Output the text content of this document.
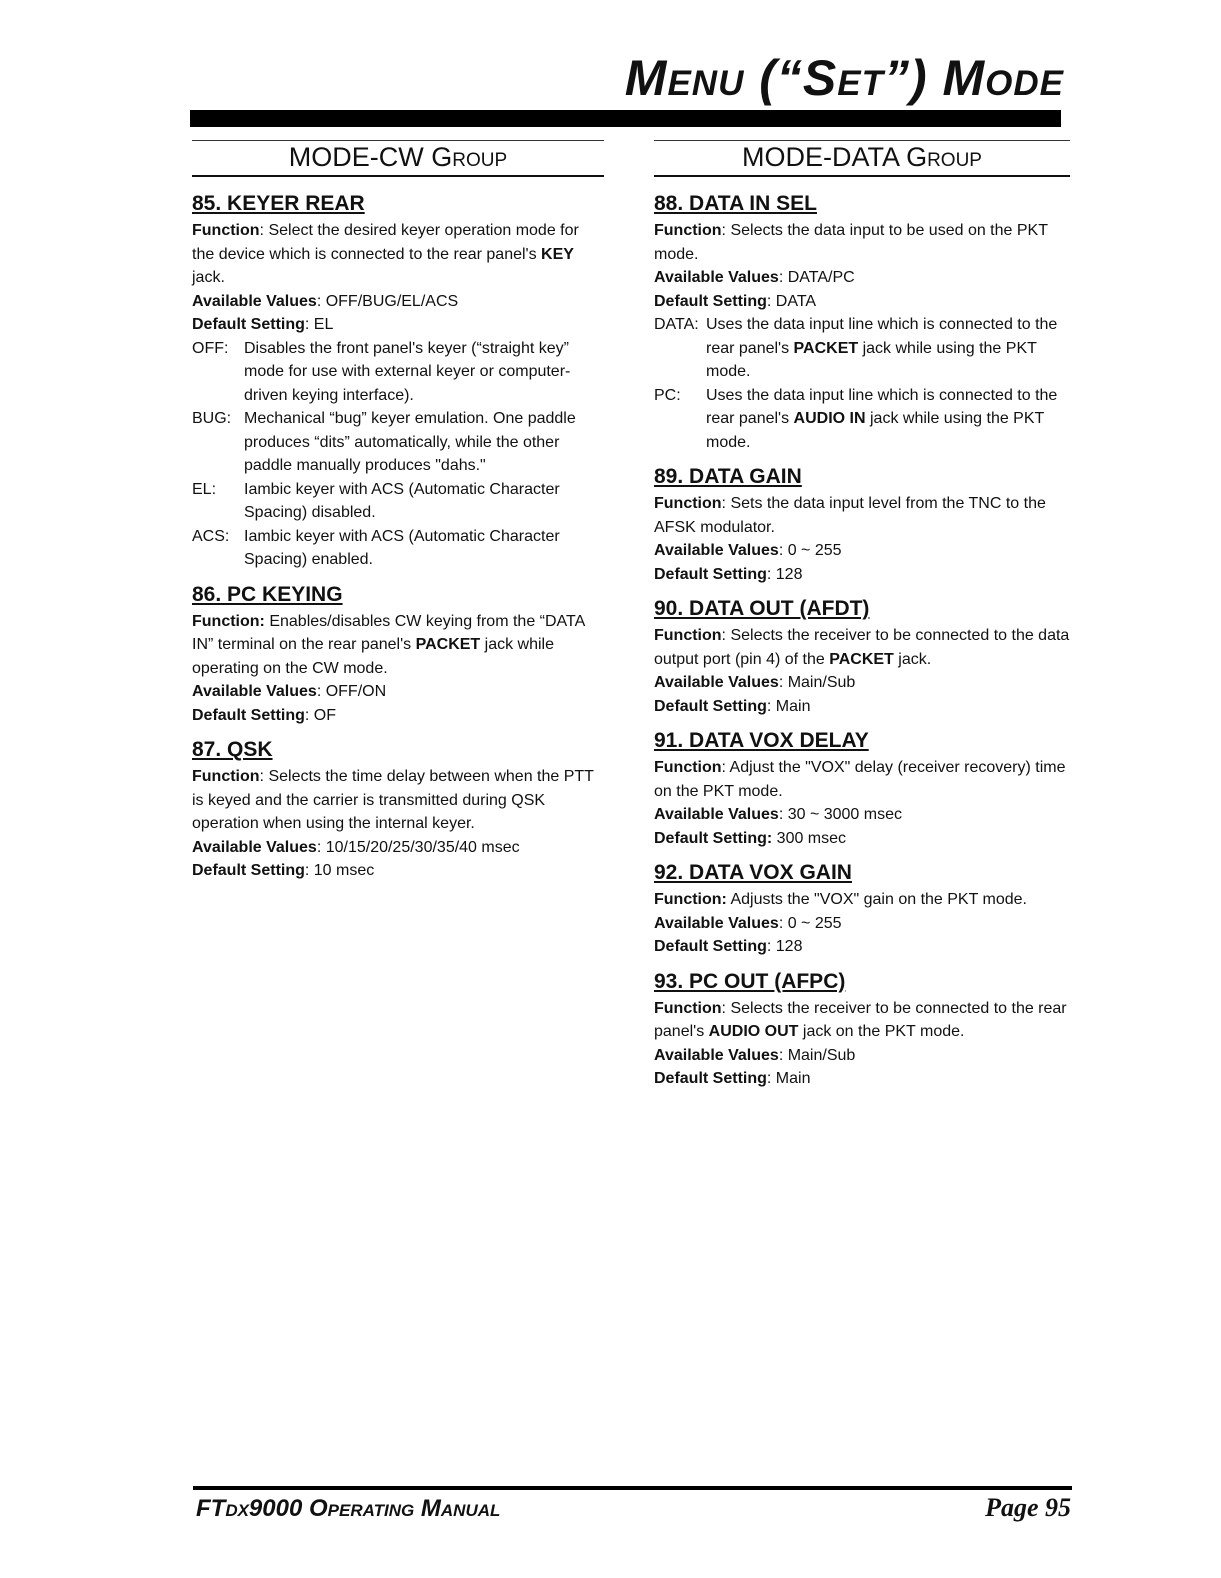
Menu (“Set”) Mode
MODE-CW Group
85. KEYER REAR
Function: Select the desired keyer operation mode for the device which is connected to the rear panel's KEY jack.
Available Values: OFF/BUG/EL/ACS
Default Setting: EL
OFF: Disables the front panel's keyer (“straight key” mode for use with external keyer or computer-driven keying interface).
BUG: Mechanical “bug” keyer emulation. One paddle produces “dits” automatically, while the other paddle manually produces "dahs."
EL: Iambic keyer with ACS (Automatic Character Spacing) disabled.
ACS: Iambic keyer with ACS (Automatic Character Spacing) enabled.
86. PC KEYING
Function: Enables/disables CW keying from the “DATA IN” terminal on the rear panel's PACKET jack while operating on the CW mode.
Available Values: OFF/ON
Default Setting: OF
87. QSK
Function: Selects the time delay between when the PTT is keyed and the carrier is transmitted during QSK operation when using the internal keyer.
Available Values: 10/15/20/25/30/35/40 msec
Default Setting: 10 msec
MODE-DATA Group
88. DATA IN SEL
Function: Selects the data input to be used on the PKT mode.
Available Values: DATA/PC
Default Setting: DATA
DATA: Uses the data input line which is connected to the rear panel's PACKET jack while using the PKT mode.
PC: Uses the data input line which is connected to the rear panel's AUDIO IN jack while using the PKT mode.
89. DATA GAIN
Function: Sets the data input level from the TNC to the AFSK modulator.
Available Values: 0 ~ 255
Default Setting: 128
90. DATA OUT (AFDT)
Function: Selects the receiver to be connected to the data output port (pin 4) of the PACKET jack.
Available Values: Main/Sub
Default Setting: Main
91. DATA VOX DELAY
Function: Adjust the "VOX" delay (receiver recovery) time on the PKT mode.
Available Values: 30 ~ 3000 msec
Default Setting: 300 msec
92. DATA VOX GAIN
Function: Adjusts the "VOX" gain on the PKT mode.
Available Values: 0 ~ 255
Default Setting: 128
93. PC OUT (AFPC)
Function: Selects the receiver to be connected to the rear panel's AUDIO OUT jack on the PKT mode.
Available Values: Main/Sub
Default Setting: Main
FTdx9000 Operating Manual	Page 95
